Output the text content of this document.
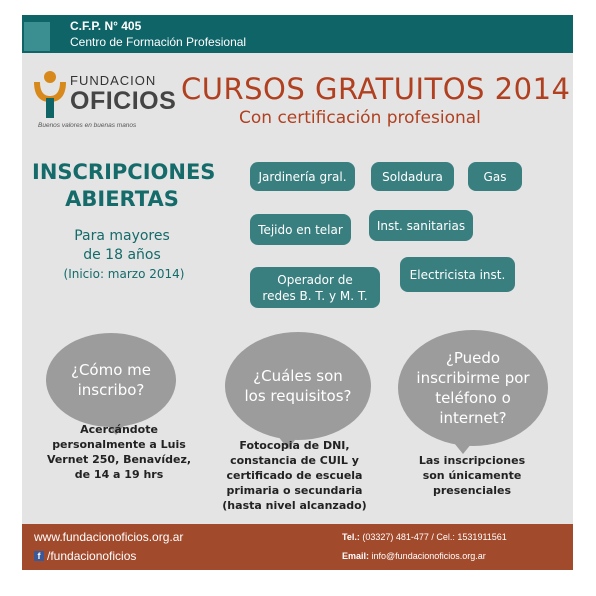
C.F.P. N° 405
Centro de Formación Profesional
FUNDACION
OFICIOS
Buenos valores en buenas manos
CURSOS GRATUITOS 2014
Con certificación profesional
INSCRIPCIONES
ABIERTAS
Para mayores
de 18 años
(Inicio: marzo 2014)
Jardinería gral.	Soldadura	Gas
Tejido en telar	Inst. sanitarias
Operador de
redes B. T. y M. T.
Electricista inst.
¿Cómo me
inscribo?
¿Cuáles son
los requisitos?
¿Puedo
inscribirme por
teléfono o
internet?
Acercándote
personalmente a Luis
Vernet 250, Benavídez,
de 14 a 19 hrs
Fotocopia de DNI,
constancia de CUIL y
certificado de escuela
primaria o secundaria
(hasta nivel alcanzado)
Las inscripciones
son únicamente
presenciales
www.fundacionoficios.org.ar
f /fundacionoficios
Tel.: (03327) 481-477 / Cel.: 1531911561
Email: info@fundacionoficios.org.ar
